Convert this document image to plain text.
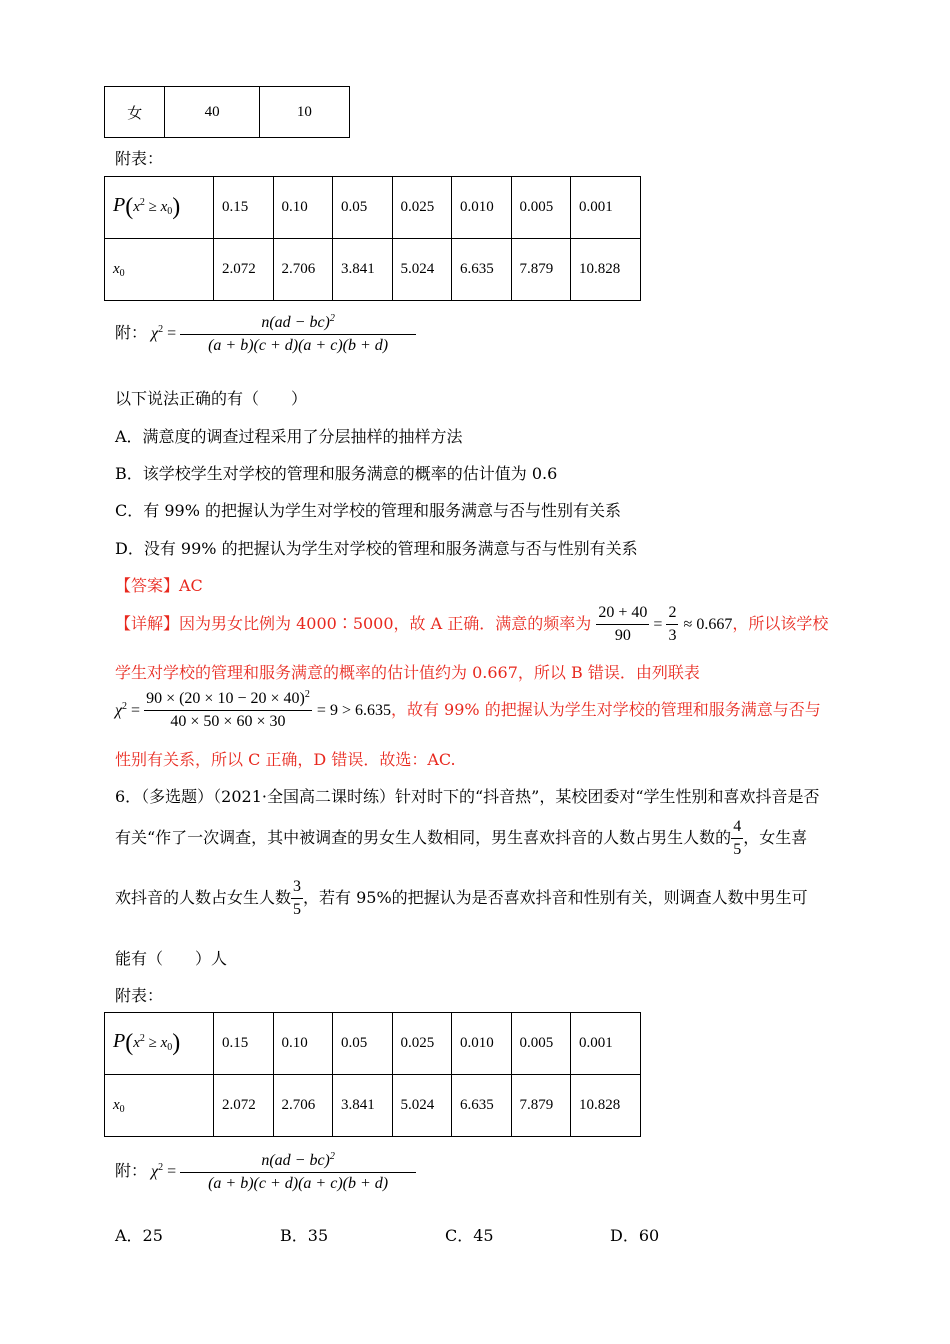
女	40	10
附表：
$P(x^2 \ge x_0)$	0.15	0.10	0.05	0.025	0.010	0.005	0.001
$x_0$	2.072	2.706	3.841	5.024	6.635	7.879	10.828
附： $\chi^2 = \frac{n(ad - bc)^2}{(a + b)(c + d)(a + c)(b + d)}$
以下说法正确的有（　　）
A．满意度的调查过程采用了分层抽样的抽样方法
B．该学校学生对学校的管理和服务满意的概率的估计值为 0.6
C．有 99% 的把握认为学生对学校的管理和服务满意与否与性别有关系
D．没有 99% 的把握认为学生对学校的管理和服务满意与否与性别有关系
【答案】AC
【详解】因为男女比例为 4000∶5000，故 A 正确．满意的频率为 $\frac{20 + 40}{90} = \frac{2}{3} \approx 0.667$，所以该学校
学生对学校的管理和服务满意的概率的估计值约为 0.667，所以 B 错误．由列联表
$\chi^2 = \frac{90 \times (20 \times 10 - 20 \times 40)^2}{40 \times 50 \times 60 \times 30} = 9 > 6.635$，故有 99% 的把握认为学生对学校的管理和服务满意与否与
性别有关系，所以 C 正确，D 错误．故选：AC.
6．（多选题）（2021·全国高二课时练）针对时下的“抖音热”，某校团委对“学生性别和喜欢抖音是否
有关“作了一次调查，其中被调查的男女生人数相同，男生喜欢抖音的人数占男生人数的 $\frac{4}{5}$ ，女生喜
欢抖音的人数占女生人数 $\frac{3}{5}$ ，若有 95%的把握认为是否喜欢抖音和性别有关，则调查人数中男生可
能有（　　）人
附表：
$P(x^2 \ge x_0)$	0.15	0.10	0.05	0.025	0.010	0.005	0.001
$x_0$	2.072	2.706	3.841	5.024	6.635	7.879	10.828
附： $\chi^2 = \frac{n(ad - bc)^2}{(a + b)(c + d)(a + c)(b + d)}$
A．25	B．35	C．45	D．60
